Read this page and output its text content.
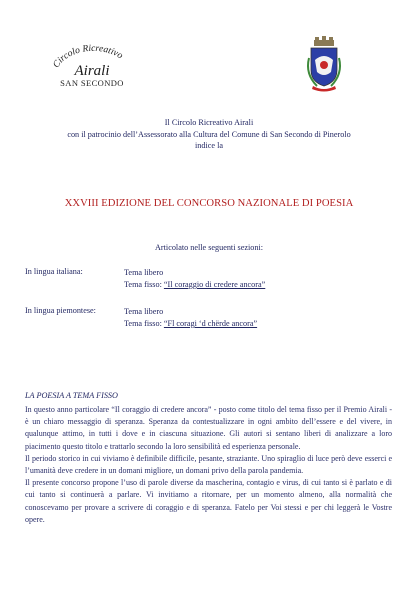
Circolo Ricreativo
Airali
SAN SECONDO
Il Circolo Ricreativo Airali
con il patrocinio dell’Assessorato alla Cultura del Comune di San Secondo di Pinerolo
indice la
XXVIII EDIZIONE DEL CONCORSO NAZIONALE DI POESIA
Articolato nelle seguenti sezioni:
In lingua italiana:	Tema libero
Tema fisso: “Il coraggio di credere ancora”
In lingua piemontese:	Tema libero
Tema fisso: “Fl coragi ‘d chërde ancora”
LA POESIA A TEMA FISSO

In questo anno particolare “Il coraggio di credere ancora” - posto come titolo del tema fisso per il Premio Airali - è un chiaro messaggio di speranza. Speranza da contestualizzare in ogni ambito dell’essere e del vivere, in qualunque attimo, in tutti i dove e in ciascuna situazione. Gli autori si sentano liberi di analizzare a loro piacimento questo titolo e trattarlo secondo la loro sensibilità ed esperienza personale.

Il periodo storico in cui viviamo è definibile difficile, pesante, straziante. Uno spiraglio di luce però deve esserci e l’umanità deve credere in un domani migliore, un domani privo della parola pandemia.

Il presente concorso propone l’uso di parole diverse da mascherina, contagio e virus, di cui tanto si è parlato e di cui tanto si continuerà a parlare. Vi invitiamo a ritornare, per un momento almeno, alla normalità che conoscevamo per provare a scrivere di coraggio e di speranza. Fatelo per Voi stessi e per chi leggerà le Vostre opere.
